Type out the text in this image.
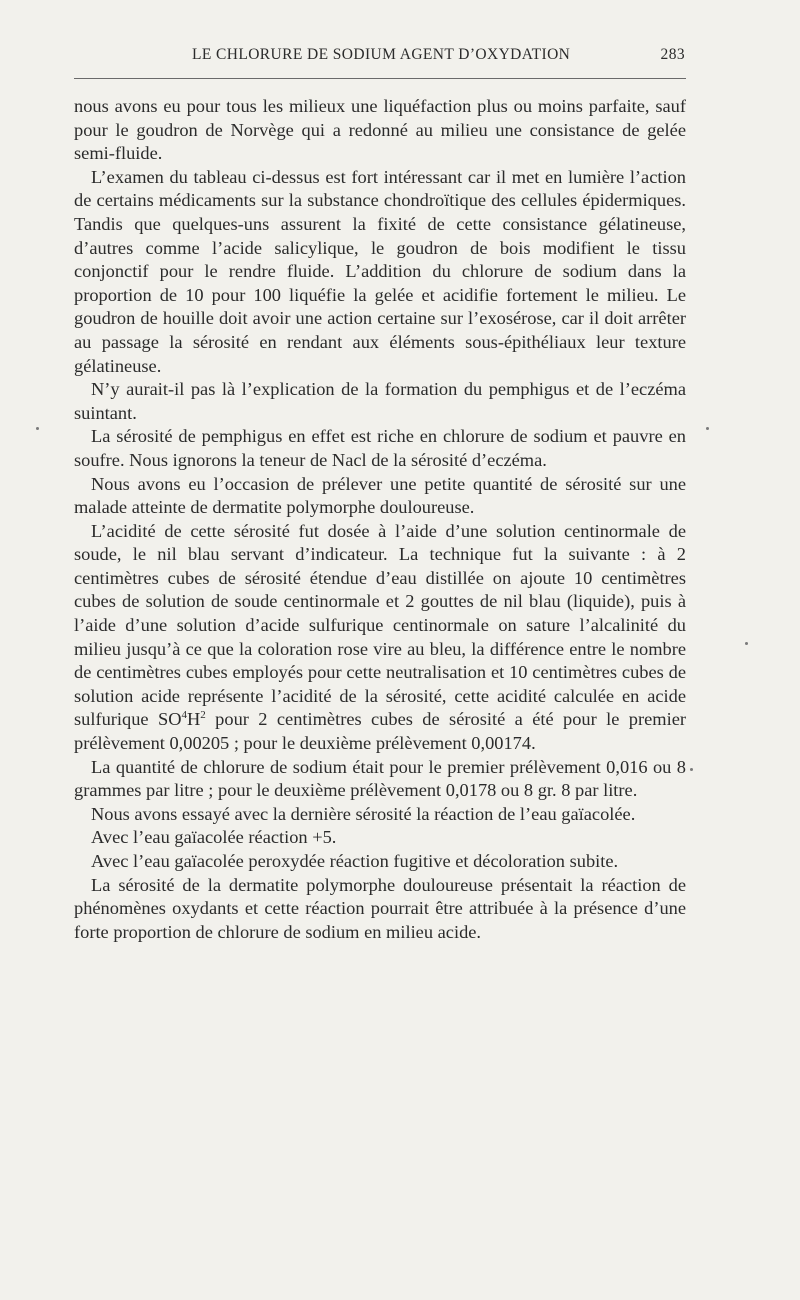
LE CHLORURE DE SODIUM AGENT D’OXYDATION	283

nous avons eu pour tous les milieux une liquéfaction plus ou moins parfaite, sauf pour le goudron de Norvège qui a redonné au milieu une consistance de gelée semi-fluide.

L’examen du tableau ci-dessus est fort intéressant car il met en lumière l’action de certains médicaments sur la substance chondroïtique des cellules épidermiques. Tandis que quelques-uns assurent la fixité de cette consistance gélatineuse, d’autres comme l’acide salicylique, le goudron de bois modifient le tissu conjonctif pour le rendre fluide. L’addition du chlorure de sodium dans la proportion de 10 pour 100 liquéfie la gelée et acidifie fortement le milieu. Le goudron de houille doit avoir une action certaine sur l’exosérose, car il doit arrêter au passage la sérosité en rendant aux éléments sous-épithéliaux leur texture gélatineuse.

N’y aurait-il pas là l’explication de la formation du pemphigus et de l’eczéma suintant.

La sérosité de pemphigus en effet est riche en chlorure de sodium et pauvre en soufre. Nous ignorons la teneur de Nacl de la sérosité d’eczéma.

Nous avons eu l’occasion de prélever une petite quantité de sérosité sur une malade atteinte de dermatite polymorphe douloureuse.

L’acidité de cette sérosité fut dosée à l’aide d’une solution centinormale de soude, le nil blau servant d’indicateur. La technique fut la suivante : à 2 centimètres cubes de sérosité étendue d’eau distillée on ajoute 10 centimètres cubes de solution de soude centinormale et 2 gouttes de nil blau (liquide), puis à l’aide d’une solution d’acide sulfurique centinormale on sature l’alcalinité du milieu jusqu’à ce que la coloration rose vire au bleu, la différence entre le nombre de centimètres cubes employés pour cette neutralisation et 10 centimètres cubes de solution acide représente l’acidité de la sérosité, cette acidité calculée en acide sulfurique $SO^4H^2$ pour 2 centimètres cubes de sérosité a été pour le premier prélèvement 0,00205 ; pour le deuxième prélèvement 0,00174.

La quantité de chlorure de sodium était pour le premier prélèvement 0,016 ou 8 grammes par litre ; pour le deuxième prélèvement 0,0178 ou 8 gr. 8 par litre.

Nous avons essayé avec la dernière sérosité la réaction de l’eau gaïacolée.

Avec l’eau gaïacolée réaction +5.

Avec l’eau gaïacolée peroxydée réaction fugitive et décoloration subite.

La sérosité de la dermatite polymorphe douloureuse présentait la réaction de phénomènes oxydants et cette réaction pourrait être attribuée à la présence d’une forte proportion de chlorure de sodium en milieu acide.
